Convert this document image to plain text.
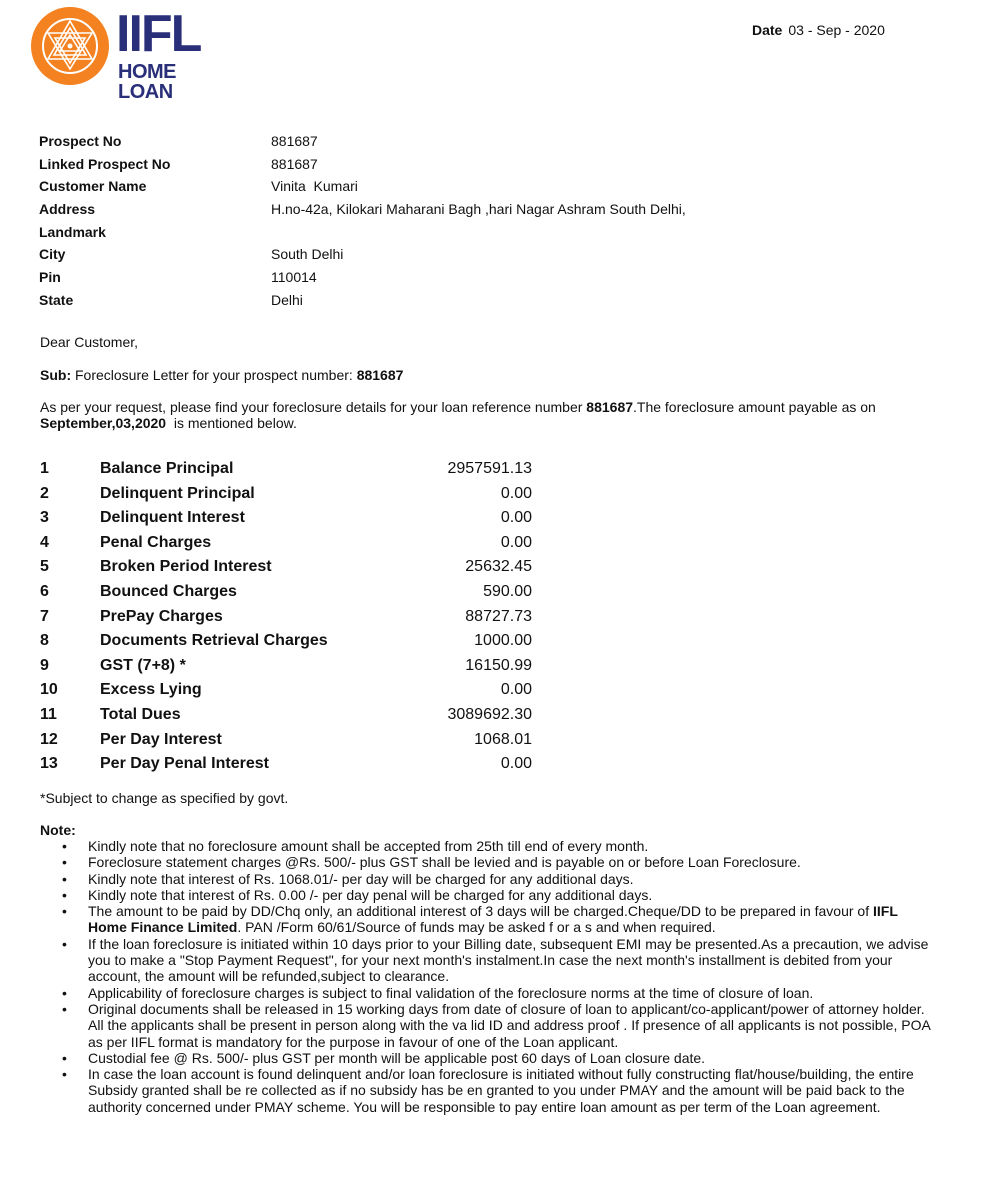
IIFL
HOME LOAN
Date 03 - Sep - 2020
Prospect No	881687
Linked Prospect No	881687
Customer Name	Vinita  Kumari
Address	H.no-42a, Kilokari Maharani Bagh ,hari Nagar Ashram South Delhi,
Landmark
City	South Delhi
Pin	110014
State	Delhi
Dear Customer,
Sub: Foreclosure Letter for your prospect number: 881687
As per your request, please find your foreclosure details for your loan reference number 881687.The foreclosure amount payable as on
September,03,2020  is mentioned below.
1	Balance Principal	2957591.13
2	Delinquent Principal	0.00
3	Delinquent Interest	0.00
4	Penal Charges	0.00
5	Broken Period Interest	25632.45
6	Bounced Charges	590.00
7	PrePay Charges	88727.73
8	Documents Retrieval Charges	1000.00
9	GST (7+8) *	16150.99
10	Excess Lying	0.00
11	Total Dues	3089692.30
12	Per Day Interest	1068.01
13	Per Day Penal Interest	0.00
*Subject to change as specified by govt.
Note:
• Kindly note that no foreclosure amount shall be accepted from 25th till end of every month.
• Foreclosure statement charges @Rs. 500/- plus GST shall be levied and is payable on or before Loan Foreclosure.
• Kindly note that interest of Rs. 1068.01/- per day will be charged for any additional days.
• Kindly note that interest of Rs. 0.00 /- per day penal will be charged for any additional days.
• The amount to be paid by DD/Chq only, an additional interest of 3 days will be charged.Cheque/DD to be prepared in favour of IIFL Home Finance Limited. PAN /Form 60/61/Source of funds may be asked f or a s and when required.
• If the loan foreclosure is initiated within 10 days prior to your Billing date, subsequent EMI may be presented.As a precaution, we advise you to make a "Stop Payment Request", for your next month's instalment.In case the next month's installment is debited from your account, the amount will be refunded,subject to clearance.
• Applicability of foreclosure charges is subject to final validation of the foreclosure norms at the time of closure of loan.
• Original documents shall be released in 15 working days from date of closure of loan to applicant/co-applicant/power of attorney holder. All the applicants shall be present in person along with the va lid ID and address proof . If presence of all applicants is not possible, POA as per IIFL format is mandatory for the purpose in favour of one of the Loan applicant.
• Custodial fee @ Rs. 500/- plus GST per month will be applicable post 60 days of Loan closure date.
• In case the loan account is found delinquent and/or loan foreclosure is initiated without fully constructing flat/house/building, the entire Subsidy granted shall be re collected as if no subsidy has be en granted to you under PMAY and the amount will be paid back to the authority concerned under PMAY scheme. You will be responsible to pay entire loan amount as per term of the Loan agreement.
